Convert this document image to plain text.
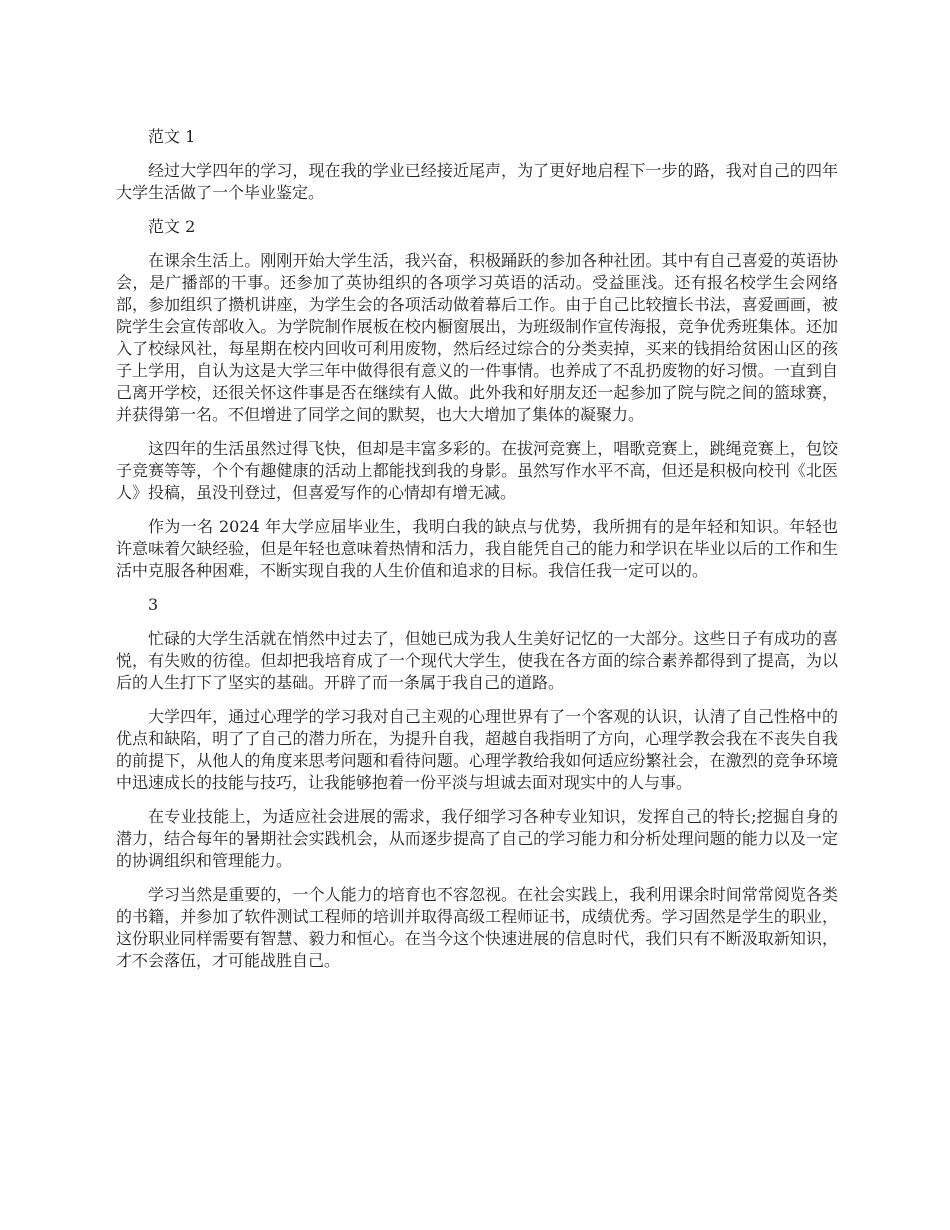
范文 1

经过大学四年的学习，现在我的学业已经接近尾声，为了更好地启程下一步的路，我对自己的四年大学生活做了一个毕业鉴定。

范文 2

在课余生活上。刚刚开始大学生活，我兴奋，积极踊跃的参加各种社团。其中有自己喜爱的英语协会，是广播部的干事。还参加了英协组织的各项学习英语的活动。受益匪浅。还有报名校学生会网络部，参加组织了攒机讲座，为学生会的各项活动做着幕后工作。由于自己比较擅长书法，喜爱画画，被院学生会宣传部收入。为学院制作展板在校内橱窗展出，为班级制作宣传海报，竞争优秀班集体。还加入了校绿风社，每星期在校内回收可利用废物，然后经过综合的分类卖掉，买来的钱捐给贫困山区的孩子上学用，自认为这是大学三年中做得很有意义的一件事情。也养成了不乱扔废物的好习惯。一直到自己离开学校，还很关怀这件事是否在继续有人做。此外我和好朋友还一起参加了院与院之间的篮球赛，并获得第一名。不但增进了同学之间的默契，也大大增加了集体的凝聚力。

这四年的生活虽然过得飞快，但却是丰富多彩的。在拔河竞赛上，唱歌竞赛上，跳绳竞赛上，包饺子竞赛等等，个个有趣健康的活动上都能找到我的身影。虽然写作水平不高，但还是积极向校刊《北医人》投稿，虽没刊登过，但喜爱写作的心情却有增无减。

作为一名 2024 年大学应届毕业生，我明白我的缺点与优势，我所拥有的是年轻和知识。年轻也许意味着欠缺经验，但是年轻也意味着热情和活力，我自能凭自己的能力和学识在毕业以后的工作和生活中克服各种困难，不断实现自我的人生价值和追求的目标。我信任我一定可以的。

3

忙碌的大学生活就在悄然中过去了，但她已成为我人生美好记忆的一大部分。这些日子有成功的喜悦，有失败的彷徨。但却把我培育成了一个现代大学生，使我在各方面的综合素养都得到了提高，为以后的人生打下了坚实的基础。开辟了而一条属于我自己的道路。

大学四年，通过心理学的学习我对自己主观的心理世界有了一个客观的认识，认清了自己性格中的优点和缺陷，明了了自己的潜力所在，为提升自我，超越自我指明了方向，心理学教会我在不丧失自我的前提下，从他人的角度来思考问题和看待问题。心理学教给我如何适应纷繁社会，在激烈的竞争环境中迅速成长的技能与技巧，让我能够抱着一份平淡与坦诚去面对现实中的人与事。

在专业技能上，为适应社会进展的需求，我仔细学习各种专业知识，发挥自己的特长;挖掘自身的潜力，结合每年的暑期社会实践机会，从而逐步提高了自己的学习能力和分析处理问题的能力以及一定的协调组织和管理能力。

学习当然是重要的，一个人能力的培育也不容忽视。在社会实践上，我利用课余时间常常阅览各类的书籍，并参加了软件测试工程师的培训并取得高级工程师证书，成绩优秀。学习固然是学生的职业，这份职业同样需要有智慧、毅力和恒心。在当今这个快速进展的信息时代，我们只有不断汲取新知识，才不会落伍，才可能战胜自己。
